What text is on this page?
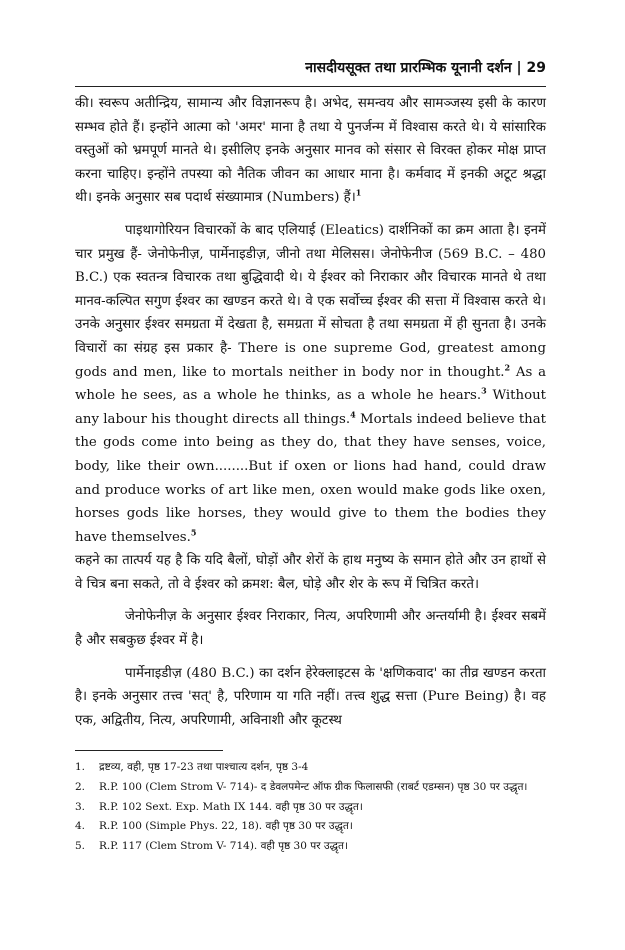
नासदीयसूक्त तथा प्रारम्भिक यूनानी दर्शन | 29

की। स्वरूप अतीन्द्रिय, सामान्य और विज्ञानरूप है। अभेद, समन्वय और सामञ्जस्य इसी के कारण सम्भव होते हैं। इन्होंने आत्मा को 'अमर' माना है तथा ये पुनर्जन्म में विश्वास करते थे। ये सांसारिक वस्तुओं को भ्रमपूर्ण मानते थे। इसीलिए इनके अनुसार मानव को संसार से विरक्त होकर मोक्ष प्राप्त करना चाहिए। इन्होंने तपस्या को नैतिक जीवन का आधार माना है। कर्मवाद में इनकी अटूट श्रद्धा थी। इनके अनुसार सब पदार्थ संख्यामात्र (Numbers) हैं।$^1$

पाइथागोरियन विचारकों के बाद एलियाई (Eleatics) दार्शनिकों का क्रम आता है। इनमें चार प्रमुख हैं- जेनोफेनीज़, पार्मेनाइडीज़, जीनो तथा मेलिसस। जेनोफेनीज (569 B.C. – 480 B.C.) एक स्वतन्त्र विचारक तथा बुद्धिवादी थे। ये ईश्वर को निराकार और विचारक मानते थे तथा मानव-कल्पित सगुण ईश्वर का खण्डन करते थे। वे एक सर्वोच्च ईश्वर की सत्ता में विश्वास करते थे। उनके अनुसार ईश्वर समग्रता में देखता है, समग्रता में सोचता है तथा समग्रता में ही सुनता है। उनके विचारों का संग्रह इस प्रकार है- There is one supreme God, greatest among gods and men, like to mortals neither in body nor in thought.$^2$ As a whole he sees, as a whole he thinks, as a whole he hears.$^3$ Without any labour his thought directs all things.$^4$ Mortals indeed believe that the gods come into being as they do, that they have senses, voice, body, like their own........But if oxen or lions had hand, could draw and produce works of art like men, oxen would make gods like oxen, horses gods like horses, they would give to them the bodies they have themselves.$^5$

कहने का तात्पर्य यह है कि यदि बैलों, घोड़ों और शेरों के हाथ मनुष्य के समान होते और उन हाथों से वे चित्र बना सकते, तो वे ईश्वर को क्रमश: बैल, घोड़े और शेर के रूप में चित्रित करते।

जेनोफेनीज़ के अनुसार ईश्वर निराकार, नित्य, अपरिणामी और अन्तर्यामी है। ईश्वर सबमें है और सबकुछ ईश्वर में है।

पार्मेनाइडीज़ (480 B.C.) का दर्शन हेरेक्लाइटस के 'क्षणिकवाद' का तीव्र खण्डन करता है। इनके अनुसार तत्त्व 'सत्' है, परिणाम या गति नहीं। तत्त्व शुद्ध सत्ता (Pure Being) है। वह एक, अद्वितीय, नित्य, अपरिणामी, अविनाशी और कूटस्थ

1.	द्रष्टव्य, वही, पृष्ठ 17-23 तथा पाश्चात्य दर्शन, पृष्ठ 3-4
2.	R.P. 100 (Clem Strom V- 714)- द डेवलपमेन्ट ऑफ ग्रीक फिलासफी (राबर्ट एडम्सन) पृष्ठ 30 पर उद्धृत।
3.	R.P. 102 Sext. Exp. Math IX 144. वही पृष्ठ 30 पर उद्धृत।
4.	R.P. 100 (Simple Phys. 22, 18). वही पृष्ठ 30 पर उद्धृत।
5.	R.P. 117 (Clem Strom V- 714). वही पृष्ठ 30 पर उद्धृत।
